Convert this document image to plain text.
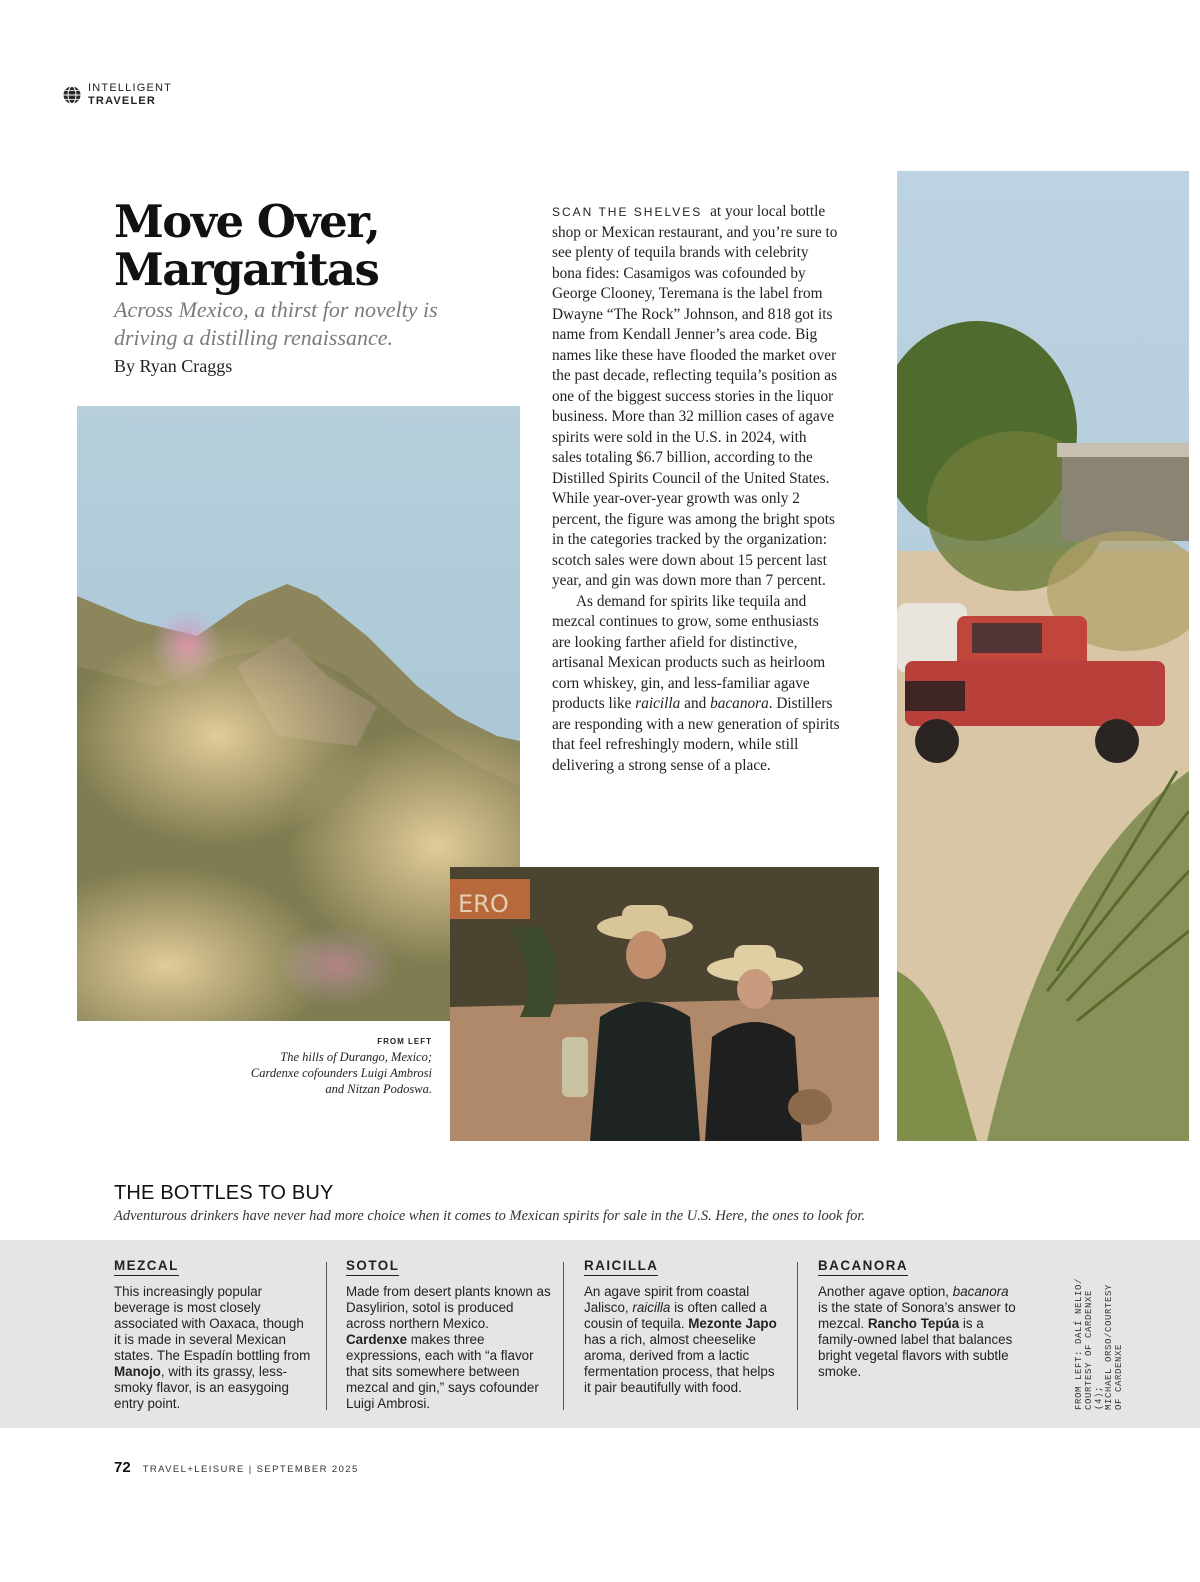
INTELLIGENT
TRAVELER
Move Over, Margaritas

Across Mexico, a thirst for novelty is driving a distilling renaissance.

By Ryan Craggs

SCAN THE SHELVES at your local bottle shop or Mexican restaurant, and you’re sure to see plenty of tequila brands with celebrity bona fides: Casamigos was cofounded by George Clooney, Teremana is the label from Dwayne “The Rock” Johnson, and 818 got its name from Kendall Jenner’s area code. Big names like these have flooded the market over the past decade, reflecting tequila’s position as one of the biggest success stories in the liquor business. More than 32 million cases of agave spirits were sold in the U.S. in 2024, with sales totaling $6.7 billion, according to the Distilled Spirits Council of the United States. While year-over-year growth was only 2 percent, the figure was among the bright spots in the categories tracked by the organization: scotch sales were down about 15 percent last year, and gin was down more than 7 percent.

As demand for spirits like tequila and mezcal continues to grow, some enthusiasts are looking farther afield for distinctive, artisanal Mexican products such as heirloom corn whiskey, gin, and less-familiar agave products like raicilla and bacanora. Distillers are responding with a new generation of spirits that feel refreshingly modern, while still delivering a strong sense of a place.

ERO
FROM LEFT
The hills of Durango, Mexico; Cardenxe cofounders Luigi Ambrosi and Nitzan Podoswa.
THE BOTTLES TO BUY

Adventurous drinkers have never had more choice when it comes to Mexican spirits for sale in the U.S. Here, the ones to look for.

MEZCAL

This increasingly popular beverage is most closely associated with Oaxaca, though it is made in several Mexican states. The Espadín bottling from Manojo, with its grassy, less-smoky flavor, is an easygoing entry point.

SOTOL

Made from desert plants known as Dasylirion, sotol is produced across northern Mexico. Cardenxe makes three expressions, each with “a flavor that sits somewhere between mezcal and gin,” says cofounder Luigi Ambrosi.

RAICILLA

An agave spirit from coastal Jalisco, raicilla is often called a cousin of tequila. Mezonte Japo has a rich, almost cheeselike aroma, derived from a lactic fermentation process, that helps it pair beautifully with food.

BACANORA

Another agave option, bacanora is the state of Sonora’s answer to mezcal. Rancho Tepúa is a family-owned label that balances bright vegetal flavors with subtle smoke.	FROM LEFT: DALÍ NELIO/ COURTESY OF CARDENXE (4); MICHAEL ORSO/COURTESY OF CARDENXE
72 TRAVEL+LEISURE | SEPTEMBER 2025
